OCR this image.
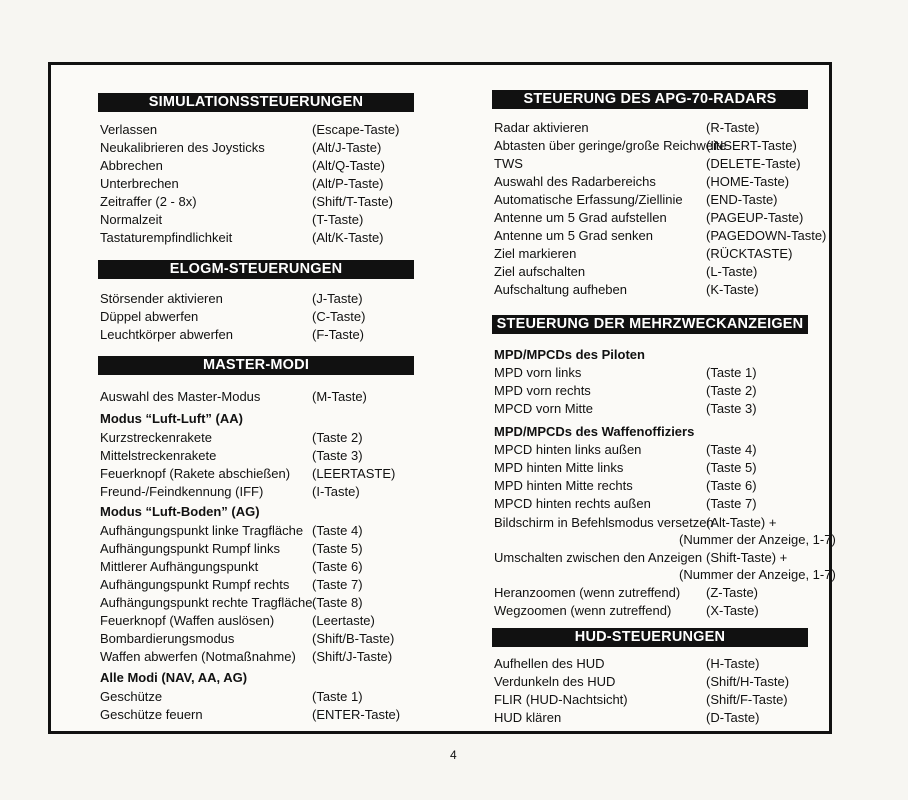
SIMULATIONSSTEUERUNGEN
Verlassen	(Escape-Taste)
Neukalibrieren des Joysticks	(Alt/J-Taste)
Abbrechen	(Alt/Q-Taste)
Unterbrechen	(Alt/P-Taste)
Zeitraffer (2 - 8x)	(Shift/T-Taste)
Normalzeit	(T-Taste)
Tastaturempfindlichkeit	(Alt/K-Taste)
ELOGM-STEUERUNGEN
Störsender aktivieren	(J-Taste)
Düppel abwerfen	(C-Taste)
Leuchtkörper abwerfen	(F-Taste)
MASTER-MODI
Auswahl des Master-Modus	(M-Taste)
Modus “Luft-Luft” (AA)
Kurzstreckenrakete	(Taste 2)
Mittelstreckenrakete	(Taste 3)
Feuerknopf (Rakete abschießen) (LEERTASTE)
Freund-/Feindkennung (IFF)	(I-Taste)
Modus “Luft-Boden” (AG)
Aufhängungspunkt linke Tragfläche (Taste 4)
Aufhängungspunkt Rumpf links (Taste 5)
Mittlerer Aufhängungspunkt	(Taste 6)
Aufhängungspunkt Rumpf rechts (Taste 7)
Aufhängungspunkt rechte Tragfläche (Taste 8)
Feuerknopf (Waffen auslösen)	(Leertaste)
Bombardierungsmodus	(Shift/B-Taste)
Waffen abwerfen (Notmaßnahme) (Shift/J-Taste)
Alle Modi (NAV, AA, AG)
Geschütze	(Taste 1)
Geschütze feuern	(ENTER-Taste)
STEUERUNG DES APG-70-RADARS
Radar aktivieren	(R-Taste)
Abtasten über geringe/große Reichweite
(INSERT-Taste)
TWS	(DELETE-Taste)
Auswahl des Radarbereichs	(HOME-Taste)
Automatische Erfassung/Ziellinie (END-Taste)
Antenne um 5 Grad aufstellen	(PAGEUP-Taste)
Antenne um 5 Grad senken	(PAGEDOWN-Taste)
Ziel markieren	(RÜCKTASTE)
Ziel aufschalten	(L-Taste)
Aufschaltung aufheben	(K-Taste)
STEUERUNG DER MEHRZWECKANZEIGEN
MPD/MPCDs des Piloten
MPD vorn links	(Taste 1)
MPD vorn rechts	(Taste 2)
MPCD vorn Mitte	(Taste 3)
MPD/MPCDs des Waffenoffiziers
MPCD hinten links außen	(Taste 4)
MPD hinten Mitte links	(Taste 5)
MPD hinten Mitte rechts	(Taste 6)
MPCD hinten rechts außen	(Taste 7)
Bildschirm in Befehlsmodus versetzen
(Alt-Taste) +
(Nummer der Anzeige, 1-7)
Umschalten zwischen den Anzeigen (Shift-Taste) +
(Nummer der Anzeige, 1-7)
Heranzoomen (wenn zutreffend) (Z-Taste)
Wegzoomen (wenn zutreffend)	(X-Taste)
HUD-STEUERUNGEN
Aufhellen des HUD	(H-Taste)
Verdunkeln des HUD	(Shift/H-Taste)
FLIR (HUD-Nachtsicht)	(Shift/F-Taste)
HUD klären	(D-Taste)
4
